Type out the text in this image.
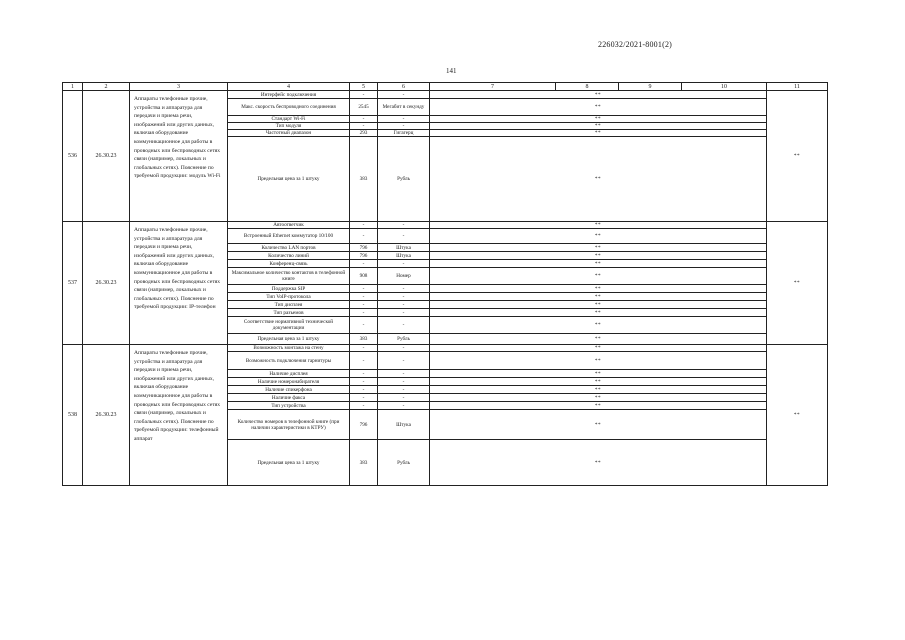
226032/2021-8001(2)
141
1	2	3	4	5	6	7	8	9	10	11
536	26.30.23	Аппараты телефонные прочие, устройства и аппаратура для передачи и приема речи, изображений или других данных, включая оборудование коммуникационное для работы в проводных или беспроводных сетях связи (например, локальных и глобальных сетях). Пояснение по требуемой продукции: модуль Wi-Fi	Интерфейс подключения	-	-	**				**
			Макс. скорость беспроводного соединения	2545	Мегабит в секунду	**				
			Стандарт Wi-Fi	-	-	**				
			Тип модуля	-	-	**				
			Частотный диапазон	293	Гигагерц	**				
			Предельная цена за 1 штуку	383	Рубль	**				
537	26.30.23	Аппараты телефонные прочие, устройства и аппаратура для передачи и приема речи, изображений или других данных, включая оборудование коммуникационное для работы в проводных или беспроводных сетях связи (например, локальных и глобальных сетях). Пояснение по требуемой продукции: IP-телефон	Автоответчик	-	-	**				**
			Встроенный Ethernet коммутатор 10/100	-	-	**				
			Количество LAN портов	796	Штука	**				
			Количество линий	796	Штука	**				
			Конференц-связь	-	-	**				
			Максимальное количество контактов в телефонной книге	908	Номер	**				
			Поддержка SIP	-	-	**				
			Тип VoIP-протокола	-	-	**				
			Тип дисплея	-	-	**				
			Тип разъемов	-	-	**				
			Соответствие нормативной технической документации	-	-	**				
			Предельная цена за 1 штуку	383	Рубль	**				
538	26.30.23	Аппараты телефонные прочие, устройства и аппаратура для передачи и приема речи, изображений или других данных, включая оборудование коммуникационное для работы в проводных или беспроводных сетях связи (например, локальных и глобальных сетях). Пояснение по требуемой продукции: телефонный аппарат	Возможность монтажа на стену	-	-	**				**
			Возможность подключения гарнитуры	-	-	**				
			Наличие дисплея	-	-	**				
			Наличие номеронабирателя	-	-	**				
			Наличие спикерфона	-	-	**				
			Наличие факса	-	-	**				
			Тип устройства	-	-	**				
			Количество номеров в телефонной книге (при наличии характеристики в КТРУ)	796	Штука	**				
			Предельная цена за 1 штуку	383	Рубль	**				
